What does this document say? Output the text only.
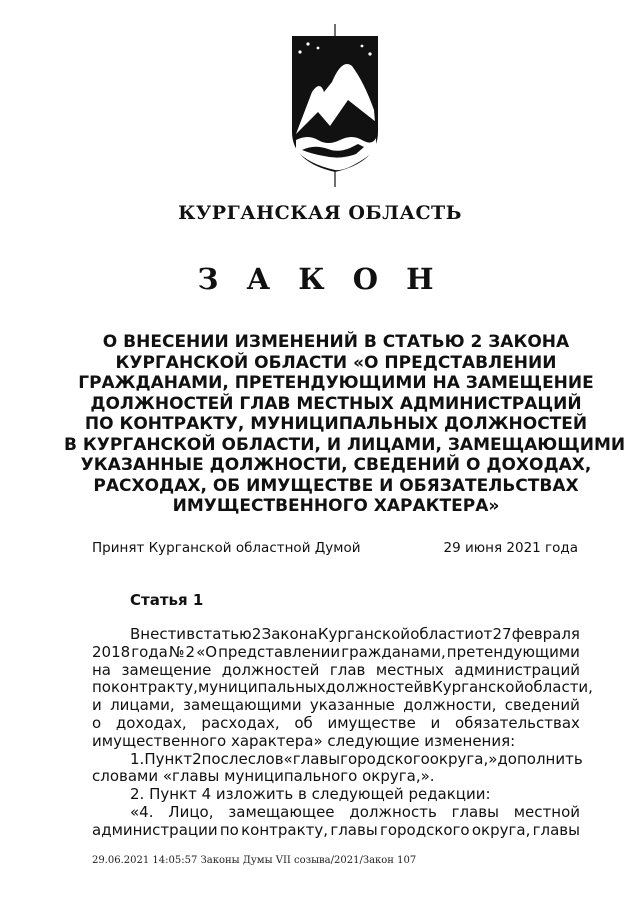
КУРГАНСКАЯ ОБЛАСТЬ
З А К О Н
О ВНЕСЕНИИ ИЗМЕНЕНИЙ В СТАТЬЮ 2 ЗАКОНА
КУРГАНСКОЙ ОБЛАСТИ «О ПРЕДСТАВЛЕНИИ
ГРАЖДАНАМИ, ПРЕТЕНДУЮЩИМИ НА ЗАМЕЩЕНИЕ
ДОЛЖНОСТЕЙ ГЛАВ МЕСТНЫХ АДМИНИСТРАЦИЙ
ПО КОНТРАКТУ, МУНИЦИПАЛЬНЫХ ДОЛЖНОСТЕЙ
В КУРГАНСКОЙ ОБЛАСТИ, И ЛИЦАМИ, ЗАМЕЩАЮЩИМИ
УКАЗАННЫЕ ДОЛЖНОСТИ, СВЕДЕНИЙ О ДОХОДАХ,
РАСХОДАХ, ОБ ИМУЩЕСТВЕ И ОБЯЗАТЕЛЬСТВАХ
ИМУЩЕСТВЕННОГО ХАРАКТЕРА»
Принят Курганской областной Думой	29 июня 2021 года
Статья 1
Внести в статью 2 Закона Курганской области от 27 февраля
2018 года № 2 «О представлении гражданами, претендующими
на замещение должностей глав местных администраций
по контракту, муниципальных должностей в Курганской области,
и лицами, замещающими указанные должности, сведений
о доходах, расходах, об имуществе и обязательствах
имущественного характера» следующие изменения:
1. Пункт 2 после слов «главы городского округа,» дополнить
словами «главы муниципального округа,».
2. Пункт 4 изложить в следующей редакции:
«4. Лицо, замещающее должность главы местной
администрации по контракту, главы городского округа, главы
29.06.2021 14:05:57 Законы Думы VII созыва/2021/Закон 107
